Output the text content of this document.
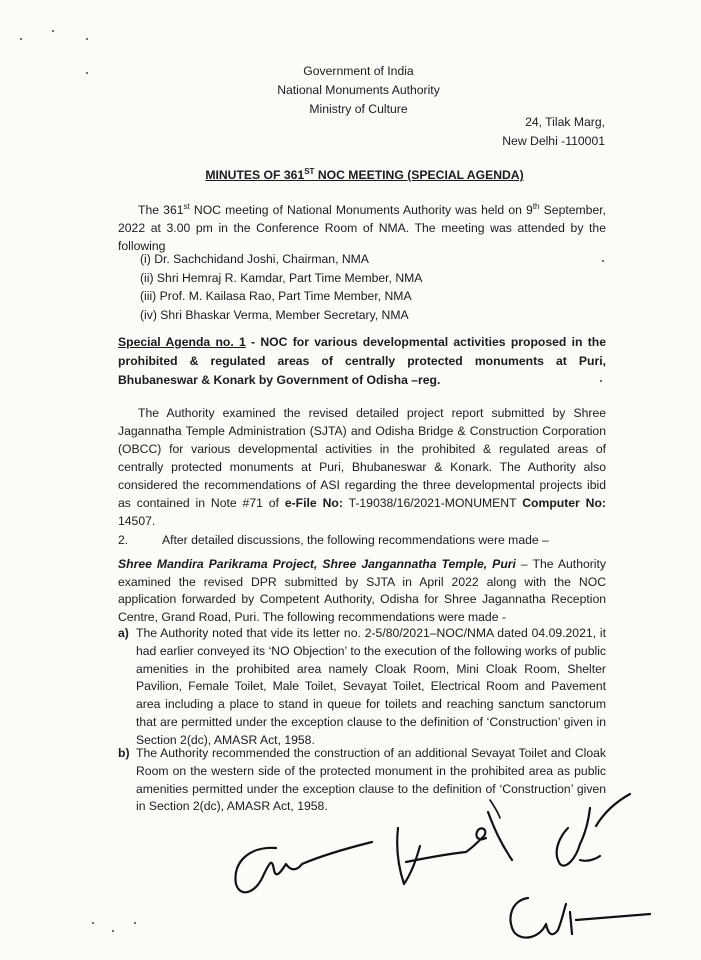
Government of India
National Monuments Authority
Ministry of Culture
24, Tilak Marg,
New Delhi -110001
MINUTES OF 361ST NOC MEETING (SPECIAL AGENDA)
The 361st NOC meeting of National Monuments Authority was held on 9th September, 2022 at 3.00 pm in the Conference Room of NMA. The meeting was attended by the following
(i) Dr. Sachchidand Joshi, Chairman, NMA
(ii) Shri Hemraj R. Kamdar, Part Time Member, NMA
(iii) Prof. M. Kailasa Rao, Part Time Member, NMA
(iv) Shri Bhaskar Verma, Member Secretary, NMA
Special Agenda no. 1 - NOC for various developmental activities proposed in the prohibited & regulated areas of centrally protected monuments at Puri, Bhubaneswar & Konark by Government of Odisha –reg.
The Authority examined the revised detailed project report submitted by Shree Jagannatha Temple Administration (SJTA) and Odisha Bridge & Construction Corporation (OBCC) for various developmental activities in the prohibited & regulated areas of centrally protected monuments at Puri, Bhubaneswar & Konark. The Authority also considered the recommendations of ASI regarding the three developmental projects ibid as contained in Note #71 of e-File No: T-19038/16/2021-MONUMENT Computer No: 14507.
2.	After detailed discussions, the following recommendations were made –
Shree Mandira Parikrama Project, Shree Jangannatha Temple, Puri – The Authority examined the revised DPR submitted by SJTA in April 2022 along with the NOC application forwarded by Competent Authority, Odisha for Shree Jagannatha Reception Centre, Grand Road, Puri. The following recommendations were made -
a) The Authority noted that vide its letter no. 2-5/80/2021–NOC/NMA dated 04.09.2021, it had earlier conveyed its ‘NO Objection’ to the execution of the following works of public amenities in the prohibited area namely Cloak Room, Mini Cloak Room, Shelter Pavilion, Female Toilet, Male Toilet, Sevayat Toilet, Electrical Room and Pavement area including a place to stand in queue for toilets and reaching sanctum sanctorum that are permitted under the exception clause to the definition of ‘Construction’ given in Section 2(dc), AMASR Act, 1958.
b) The Authority recommended the construction of an additional Sevayat Toilet and Cloak Room on the western side of the protected monument in the prohibited area as public amenities permitted under the exception clause to the definition of ‘Construction’ given in Section 2(dc), AMASR Act, 1958.
